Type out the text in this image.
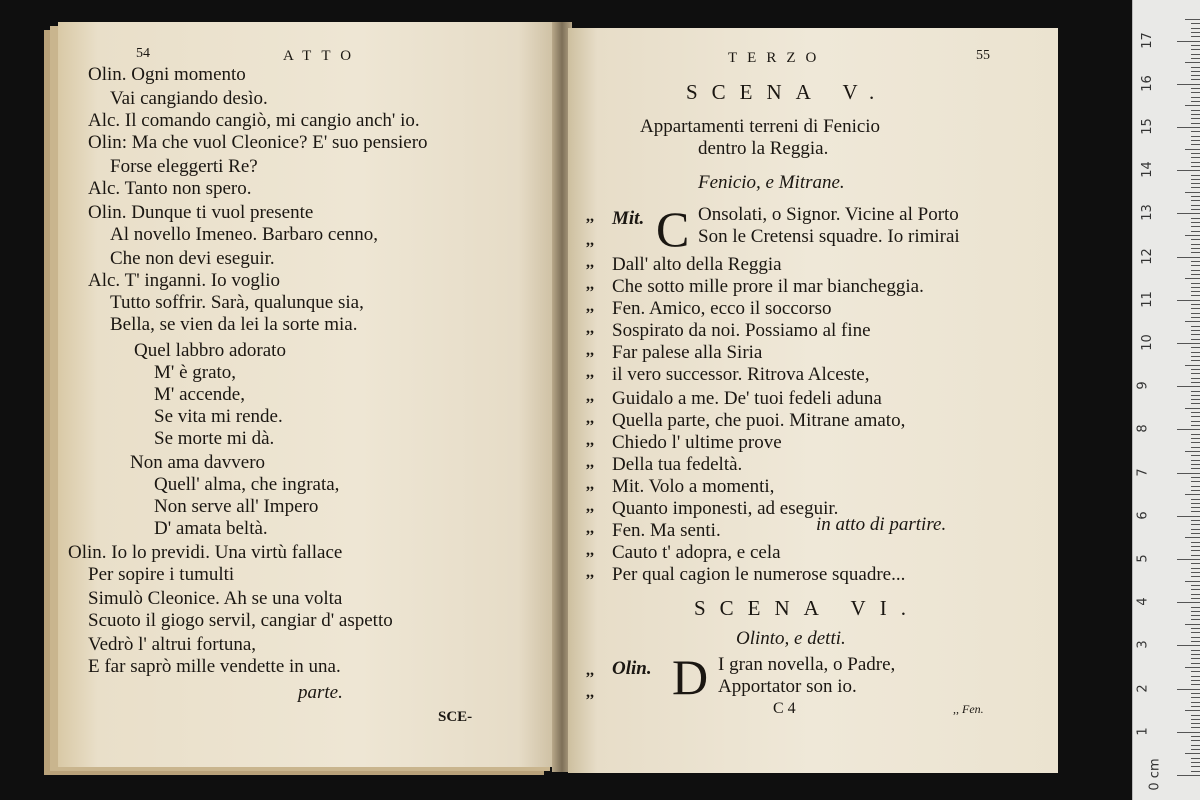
54	ATTO
Olin. Ogni momento
Vai cangiando desìo.
Alc. Il comando cangiò, mi cangio anch' io.
Olin: Ma che vuol Cleonice? E' suo pensiero
Forse eleggerti Re?
Alc. Tanto non spero.
Olin. Dunque ti vuol presente
Al novello Imeneo. Barbaro cenno,
Che non devi eseguir.
Alc. T' inganni. Io voglio
Tutto soffrir. Sarà, qualunque sia,
Bella, se vien da lei la sorte mia.
Quel labbro adorato
M' è grato,
M' accende,
Se vita mi rende.
Se morte mi dà.
Non ama davvero
Quell' alma, che ingrata,
Non serve all' Impero
D' amata beltà.
Olin. Io lo previdi. Una virtù fallace
Per sopire i tumulti
Simulò Cleonice. Ah se una volta
Scuoto il giogo servil, cangiar d' aspetto
Vedrò l' altrui fortuna,
E far saprò mille vendette in una.
parte.
SCE-
TERZO	55
SCENA V.
Appartamenti terreni di Fenicio
dentro la Reggia.
Fenicio, e Mitrane.
,,
,,
Mit. C Onsolati, o Signor. Vicine al Porto
Son le Cretensi squadre. Io rimirai
,, Dall' alto della Reggia
,, Che sotto mille prore il mar biancheggia.
,, Fen. Amico, ecco il soccorso
,, Sospirato da noi. Possiamo al fine
,, Far palese alla Siria
,, il vero successor. Ritrova Alceste,
,, Guidalo a me. De' tuoi fedeli aduna
,, Quella parte, che puoi. Mitrane amato,
,, Chiedo l' ultime prove
,, Della tua fedeltà.
,, Mit. Volo a momenti,
,, Quanto imponesti, ad eseguir.
,, Fen. Ma senti.
,, Cauto t' adopra, e cela
,, Per qual cagion le numerose squadre...
in atto di partire.
SCENA VI.
Olinto, e detti.
,,
,,
Olin. D I gran novella, o Padre,
Apportator son io.
C 4	,, Fen.
0 cm
1
2
3
4
5
6
7
8
9
10
11
12
13
14
15
16
17
